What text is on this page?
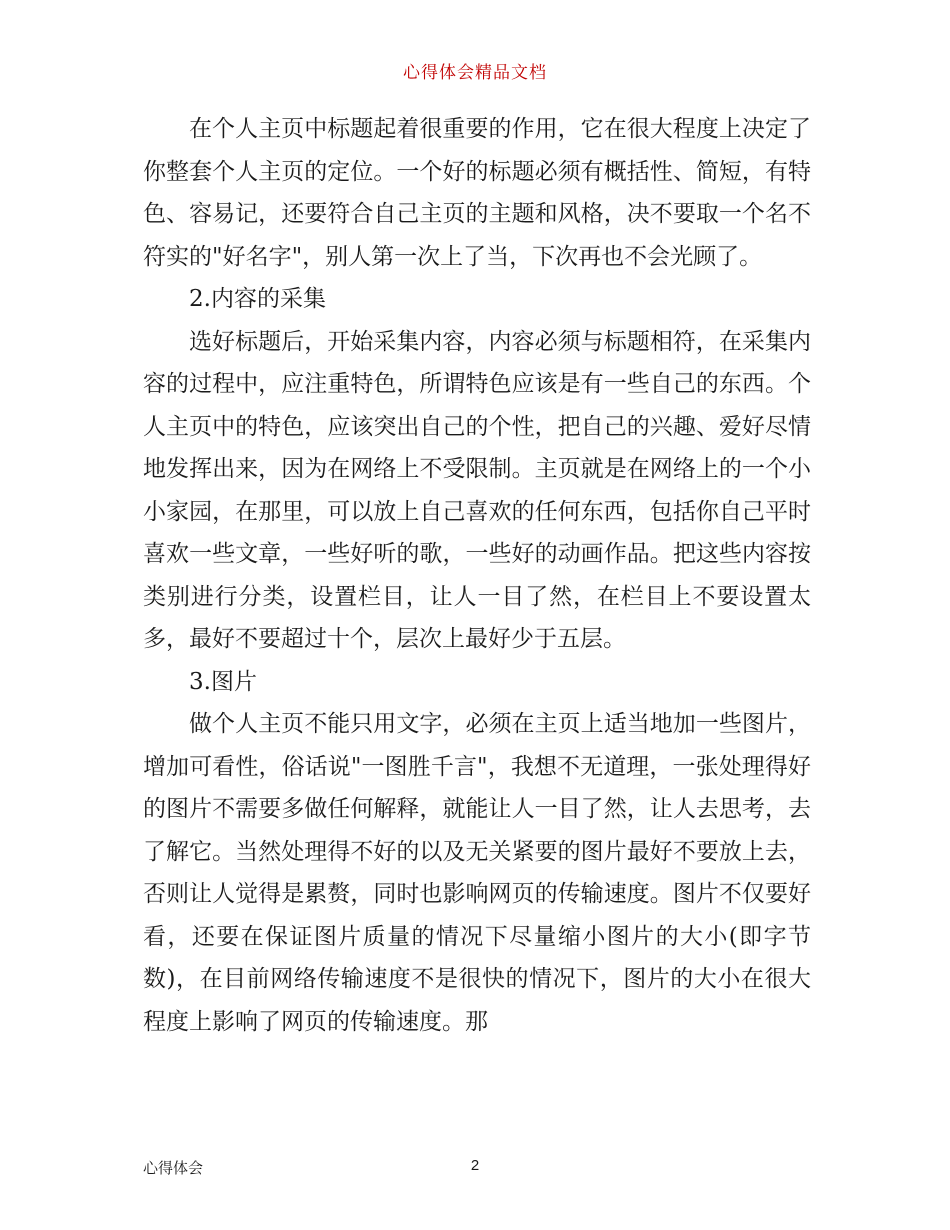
心得体会精品文档

在个人主页中标题起着很重要的作用，它在很大程度上决定了你整套个人主页的定位。一个好的标题必须有概括性、简短，有特色、容易记，还要符合自己主页的主题和风格，决不要取一个名不符实的"好名字"，别人第一次上了当，下次再也不会光顾了。

2.内容的采集

选好标题后，开始采集内容，内容必须与标题相符，在采集内容的过程中，应注重特色，所谓特色应该是有一些自己的东西。个人主页中的特色，应该突出自己的个性，把自己的兴趣、爱好尽情地发挥出来，因为在网络上不受限制。主页就是在网络上的一个小小家园，在那里，可以放上自己喜欢的任何东西，包括你自己平时喜欢一些文章，一些好听的歌，一些好的动画作品。把这些内容按类别进行分类，设置栏目，让人一目了然，在栏目上不要设置太多，最好不要超过十个，层次上最好少于五层。

3.图片

做个人主页不能只用文字，必须在主页上适当地加一些图片，增加可看性，俗话说"一图胜千言"，我想不无道理，一张处理得好的图片不需要多做任何解释，就能让人一目了然，让人去思考，去了解它。当然处理得不好的以及无关紧要的图片最好不要放上去，否则让人觉得是累赘，同时也影响网页的传输速度。图片不仅要好看，还要在保证图片质量的情况下尽量缩小图片的大小(即字节数)，在目前网络传输速度不是很快的情况下，图片的大小在很大程度上影响了网页的传输速度。那

心得体会	2
